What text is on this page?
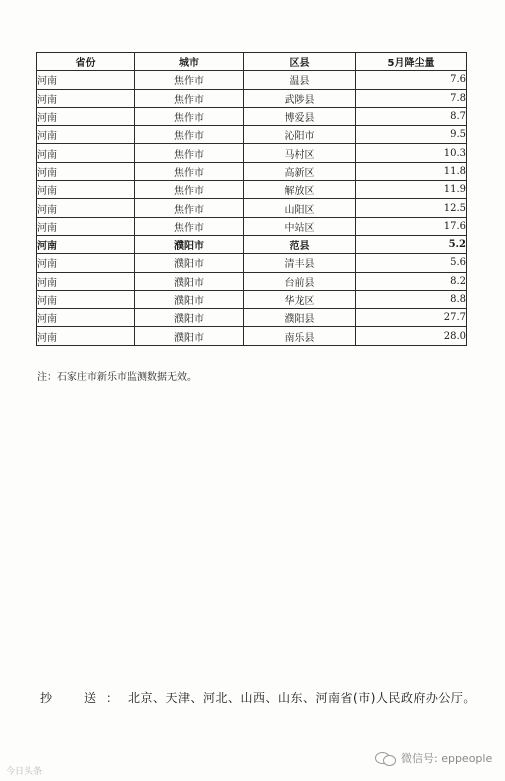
省份	城市	区县	5月降尘量
河南	焦作市	温县	7.6
河南	焦作市	武陟县	7.8
河南	焦作市	博爱县	8.7
河南	焦作市	沁阳市	9.5
河南	焦作市	马村区	10.3
河南	焦作市	高新区	11.8
河南	焦作市	解放区	11.9
河南	焦作市	山阳区	12.5
河南	焦作市	中站区	17.6
河南	濮阳市	范县	5.2
河南	濮阳市	清丰县	5.6
河南	濮阳市	台前县	8.2
河南	濮阳市	华龙区	8.8
河南	濮阳市	濮阳县	27.7
河南	濮阳市	南乐县	28.0
注：石家庄市新乐市监测数据无效。
抄　送：北京、天津、河北、山西、山东、河南省(市)人民政府办公厅。
今日头条
微信号: eppeople
